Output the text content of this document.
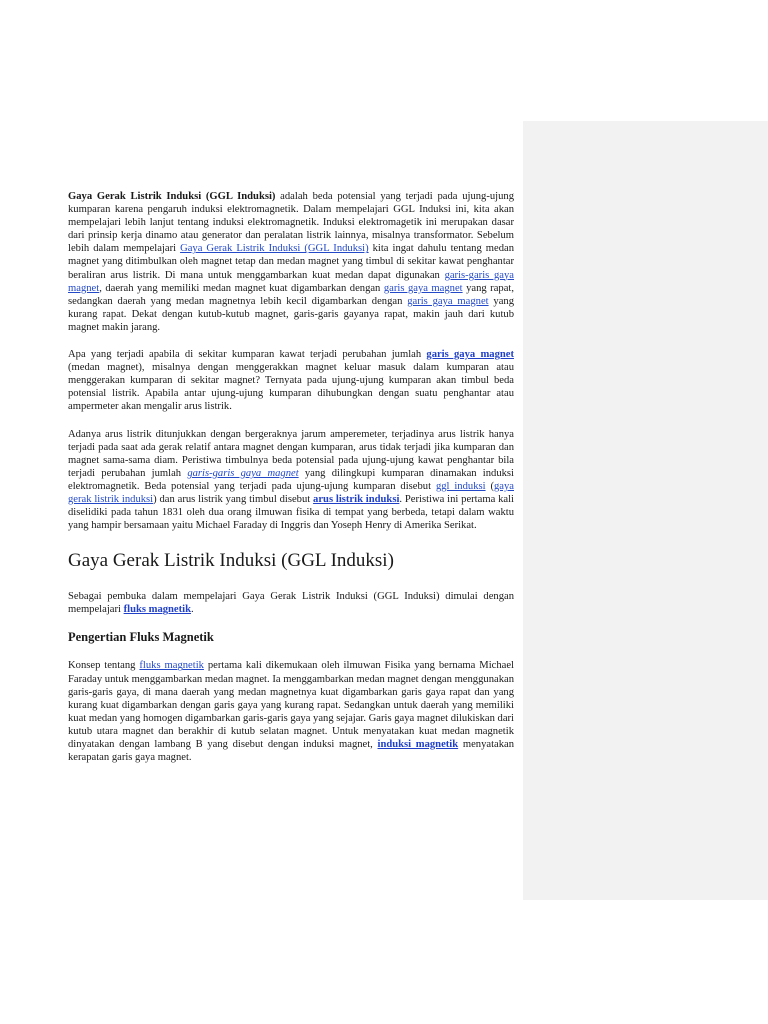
Gaya Gerak Listrik Induksi (GGL Induksi) adalah beda potensial yang terjadi pada ujung-ujung kumparan karena pengaruh induksi elektromagnetik. Dalam mempelajari GGL Induksi ini, kita akan mempelajari lebih lanjut tentang induksi elektromagnetik. Induksi elektromagetik ini merupakan dasar dari prinsip kerja dinamo atau generator dan peralatan listrik lainnya, misalnya transformator. Sebelum lebih dalam mempelajari Gaya Gerak Listrik Induksi (GGL Induksi) kita ingat dahulu tentang medan magnet yang ditimbulkan oleh magnet tetap dan medan magnet yang timbul di sekitar kawat penghantar beraliran arus listrik. Di mana untuk menggambarkan kuat medan dapat digunakan garis-garis gaya magnet, daerah yang memiliki medan magnet kuat digambarkan dengan garis gaya magnet yang rapat, sedangkan daerah yang medan magnetnya lebih kecil digambarkan dengan garis gaya magnet yang kurang rapat. Dekat dengan kutub-kutub magnet, garis-garis gayanya rapat, makin jauh dari kutub magnet makin jarang.

Apa yang terjadi apabila di sekitar kumparan kawat terjadi perubahan jumlah garis gaya magnet (medan magnet), misalnya dengan menggerakkan magnet keluar masuk dalam kumparan atau menggerakan kumparan di sekitar magnet? Ternyata pada ujung-ujung kumparan akan timbul beda potensial listrik. Apabila antar ujung-ujung kumparan dihubungkan dengan suatu penghantar atau ampermeter akan mengalir arus listrik.

Adanya arus listrik ditunjukkan dengan bergeraknya jarum amperemeter, terjadinya arus listrik hanya terjadi pada saat ada gerak relatif antara magnet dengan kumparan, arus tidak terjadi jika kumparan dan magnet sama-sama diam. Peristiwa timbulnya beda potensial pada ujung-ujung kawat penghantar bila terjadi perubahan jumlah garis-garis gaya magnet yang dilingkupi kumparan dinamakan induksi elektromagnetik. Beda potensial yang terjadi pada ujung-ujung kumparan disebut ggl induksi (gaya gerak listrik induksi) dan arus listrik yang timbul disebut arus listrik induksi. Peristiwa ini pertama kali diselidiki pada tahun 1831 oleh dua orang ilmuwan fisika di tempat yang berbeda, tetapi dalam waktu yang hampir bersamaan yaitu Michael Faraday di Inggris dan Yoseph Henry di Amerika Serikat.

Gaya Gerak Listrik Induksi (GGL Induksi)

Sebagai pembuka dalam mempelajari Gaya Gerak Listrik Induksi (GGL Induksi) dimulai dengan mempelajari fluks magnetik.

Pengertian Fluks Magnetik

Konsep tentang fluks magnetik pertama kali dikemukaan oleh ilmuwan Fisika yang bernama Michael Faraday untuk menggambarkan medan magnet. Ia menggambarkan medan magnet dengan menggunakan garis-garis gaya, di mana daerah yang medan magnetnya kuat digambarkan garis gaya rapat dan yang kurang kuat digambarkan dengan garis gaya yang kurang rapat. Sedangkan untuk daerah yang memiliki kuat medan yang homogen digambarkan garis-garis gaya yang sejajar. Garis gaya magnet dilukiskan dari kutub utara magnet dan berakhir di kutub selatan magnet. Untuk menyatakan kuat medan magnetik dinyatakan dengan lambang B yang disebut dengan induksi magnet, induksi magnetik menyatakan kerapatan garis gaya magnet.
